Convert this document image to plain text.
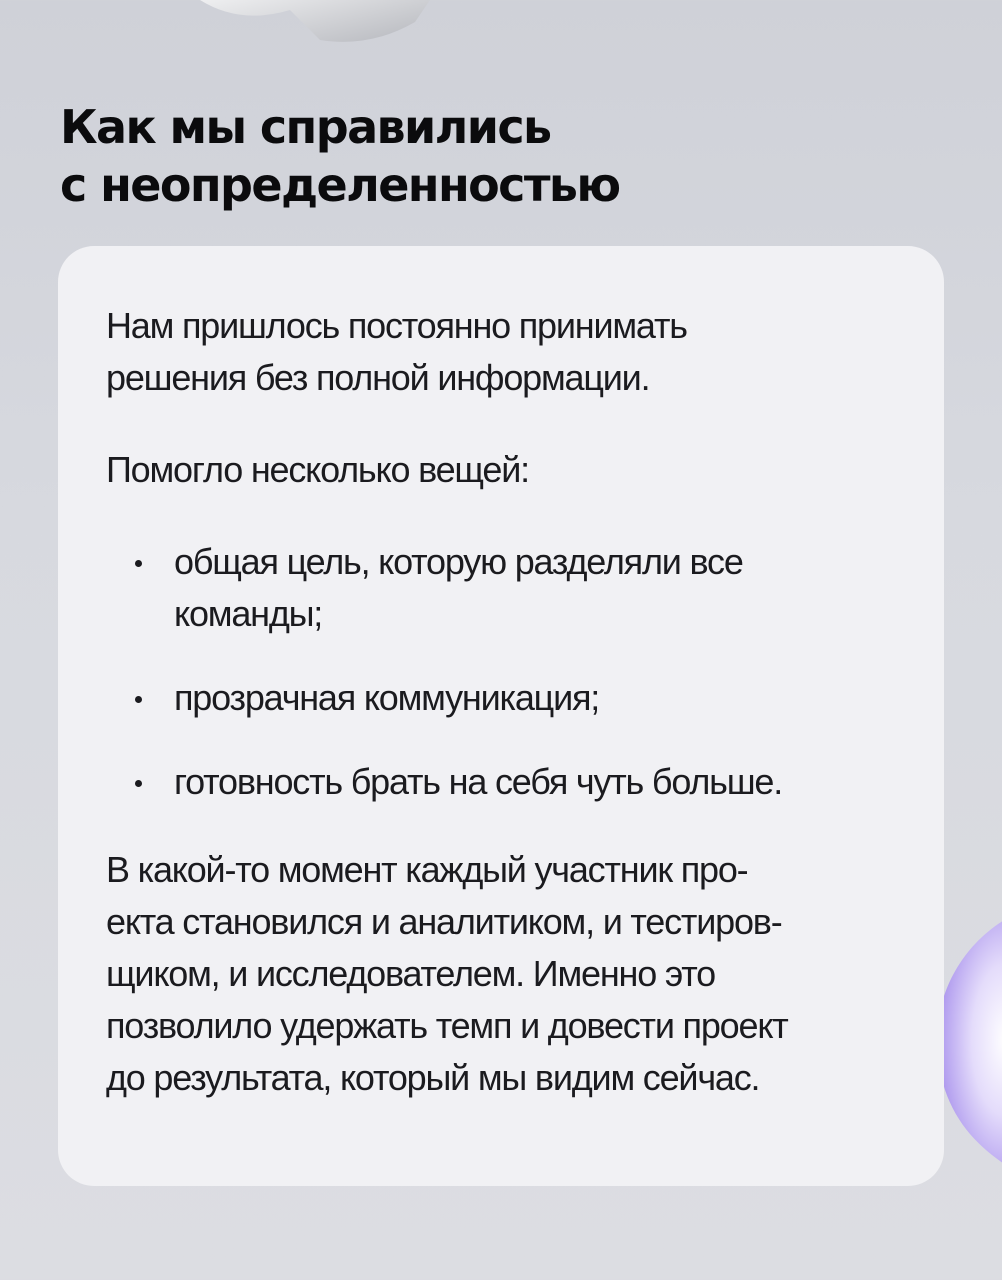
Как мы справились
с неопределенностью

Нам пришлось постоянно принимать
решения без полной информации.

Помогло несколько вещей:

общая цель, которую разделяли все
команды;
прозрачная коммуникация;
готовность брать на себя чуть больше.

В какой-то момент каждый участник про-
екта становился и аналитиком, и тестиров-
щиком, и исследователем. Именно это
позволило удержать темп и довести проект
до результата, который мы видим сейчас.
